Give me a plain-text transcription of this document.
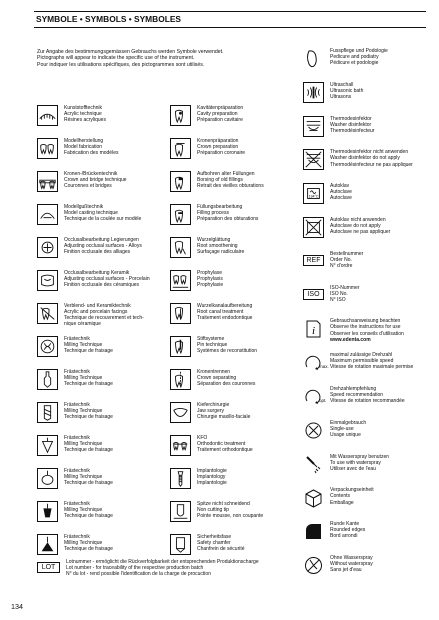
SYMBOLE • SYMBOLS • SYMBOLES
Zur Angabe des bestimmungsgemässen Gebrauchs werden Symbole verwendet.
Pictographs will appear to indicate the specific use of the instrument.
Pour indiquer les utilisations spécifiques, des pictogrammes sont utilisés.
Kunststofftechnik
Acrylic technique
Résines acryliques
Modellherstellung
Model fabrication
Fabrication des modèles
Kronen-/Brückentechnik
Crown and bridge technique
Couronnes et bridges
Modellgußtechnik
Model casting technique
Technique de la coulée sur modèle
Occlusalbearbeitung Legierungen
Adjusting occlusal surfaces - Alloys
Finition occlusale des alliages
Occlusalbearbeitung Keramik
Adjusting occlusal surfaces - Porcelain
Finition occlusale des céramiques
Verblend- und Keramiktechnik
Acrylic and porcelain facings
Technique de recouvrement et tech-
nique céramique
Frästechnik
Milling Technique
Technique de fraisage
Frästechnik
Milling Technique
Technique de fraisage
Frästechnik
Milling Technique
Technique de fraisage
Frästechnik
Milling Technique
Technique de fraisage
Frästechnik
Milling Technique
Technique de fraisage
Frästechnik
Milling Technique
Technique de fraisage
Frästechnik
Milling Technique
Technique de fraisage
Kavitätenpräparation
Cavity preparation
Préparation cavitaire
Kronenpräparation
Crown preparation
Préparation coronaire
Aufbohren alter Füllungen
Borsing of old fillings
Retrait des vieilles obturations
Füllungsbearbeitung
Filling process
Préparation des obturations
Wurzelglättung
Root smoothening
Surfaçage radiculaire
Prophylaxe
Prophylaxis
Prophylaxie
Wurzelkanalaufbereitung
Root canal treatment
Traitement endodontique
Stiftsysteme
Pin technique
Systèmes de reconstitution
Kronentrennen
Crown separating
Séparation des couronnes
Kieferchirurgie
Jaw surgery
Chirurgie maxillo-faciale
KFO
Orthodontic treatment
Traitement orthodontique
Implantologie
Implantology
Implantologie
Spitze nicht schneidend
Non cutting tip
Pointe mousse, non coupante
Sicherheitsfase
Safety chamfer
Chanfrein de sécurité
Fusspflege und Podologie
Pedicure and podiatry
Pédicure et podologie
Ultraschall
Ultrasonic bath
Ultrasons
Thermodesinfektor
Washer disinfektor
Thermodésinfecteur
Thermodesinfektor nicht anwenden
Washer disinfektor do not apply
Thermodésinfecteur ne pas appliquer
134°C
Autoklav
Autoclave
Autoclave
Autoklav nicht anwenden
Autoclave do not apply
Autoclave ne pas appliquer
REF
Bestellnummer
Order No.
N° d'ordre
ISO
ISO-Nummer
ISO No.
N° ISO
i
Gebrauchsanweisung beachten
Observe the instructions for use
Observer les conseils d'utilisation
www.edenta.com
max.
maximal zulässige Drehzahl
Maximum permissible speed
Vitesse de rotation maximale permise
opt.
Drehzahlempfehlung
Speed recommendation
Vitesse de rotation recommandée
Einmalgebrauch
Single-use
Usage unique
Mit Wasserspray benutzen
To use with waterspray
Utiliser avec de l'eau
Verpackungseinheit
Contents
Emballage
Runde Kante
Rounded edges
Bord arrondi
Ohne Wasserspray
Without waterspray
Sans jet d'eau
LOT
Lotnummer - ermöglicht die Rückverfolgbarkeit der entsprechenden Produktionscharge
Lot number - for traceability of the respective production batch
N° du lot - rend possible l'identification de la charge de procuction
134
